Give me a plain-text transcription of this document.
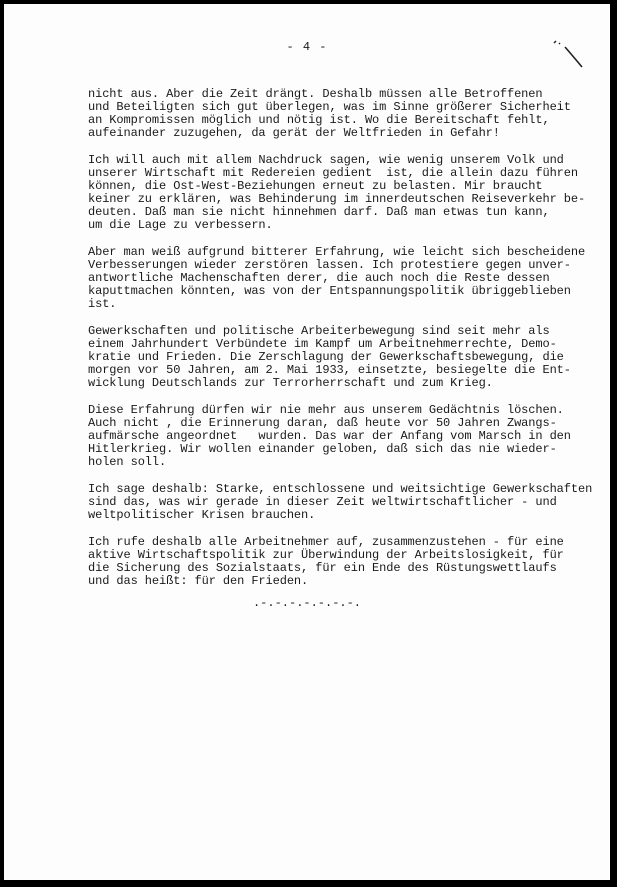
- 4 -
nicht aus. Aber die Zeit drängt. Deshalb müssen alle Betroffenen
und Beteiligten sich gut überlegen, was im Sinne größerer Sicherheit
an Kompromissen möglich und nötig ist. Wo die Bereitschaft fehlt,
aufeinander zuzugehen, da gerät der Weltfrieden in Gefahr!
Ich will auch mit allem Nachdruck sagen, wie wenig unserem Volk und
unserer Wirtschaft mit Redereien gedient  ist, die allein dazu führen
können, die Ost-West-Beziehungen erneut zu belasten. Mir braucht
keiner zu erklären, was Behinderung im innerdeutschen Reiseverkehr be-
deuten. Daß man sie nicht hinnehmen darf. Daß man etwas tun kann,
um die Lage zu verbessern.
Aber man weiß aufgrund bitterer Erfahrung, wie leicht sich bescheidene
Verbesserungen wieder zerstören lassen. Ich protestiere gegen unver-
antwortliche Machenschaften derer, die auch noch die Reste dessen
kaputtmachen könnten, was von der Entspannungspolitik übriggeblieben
ist.
Gewerkschaften und politische Arbeiterbewegung sind seit mehr als
einem Jahrhundert Verbündete im Kampf um Arbeitnehmerrechte, Demo-
kratie und Frieden. Die Zerschlagung der Gewerkschaftsbewegung, die
morgen vor 50 Jahren, am 2. Mai 1933, einsetzte, besiegelte die Ent-
wicklung Deutschlands zur Terrorherrschaft und zum Krieg.
Diese Erfahrung dürfen wir nie mehr aus unserem Gedächtnis löschen.
Auch nicht , die Erinnerung daran, daß heute vor 50 Jahren Zwangs-
aufmärsche angeordnet   wurden. Das war der Anfang vom Marsch in den
Hitlerkrieg. Wir wollen einander geloben, daß sich das nie wieder-
holen soll.
Ich sage deshalb: Starke, entschlossene und weitsichtige Gewerkschaften
sind das, was wir gerade in dieser Zeit weltwirtschaftlicher - und
weltpolitischer Krisen brauchen.
Ich rufe deshalb alle Arbeitnehmer auf, zusammenzustehen - für eine
aktive Wirtschaftspolitik zur Überwindung der Arbeitslosigkeit, für
die Sicherung des Sozialstaats, für ein Ende des Rüstungswettlaufs
und das heißt: für den Frieden.
.-.-.-.-.-.-.-.
